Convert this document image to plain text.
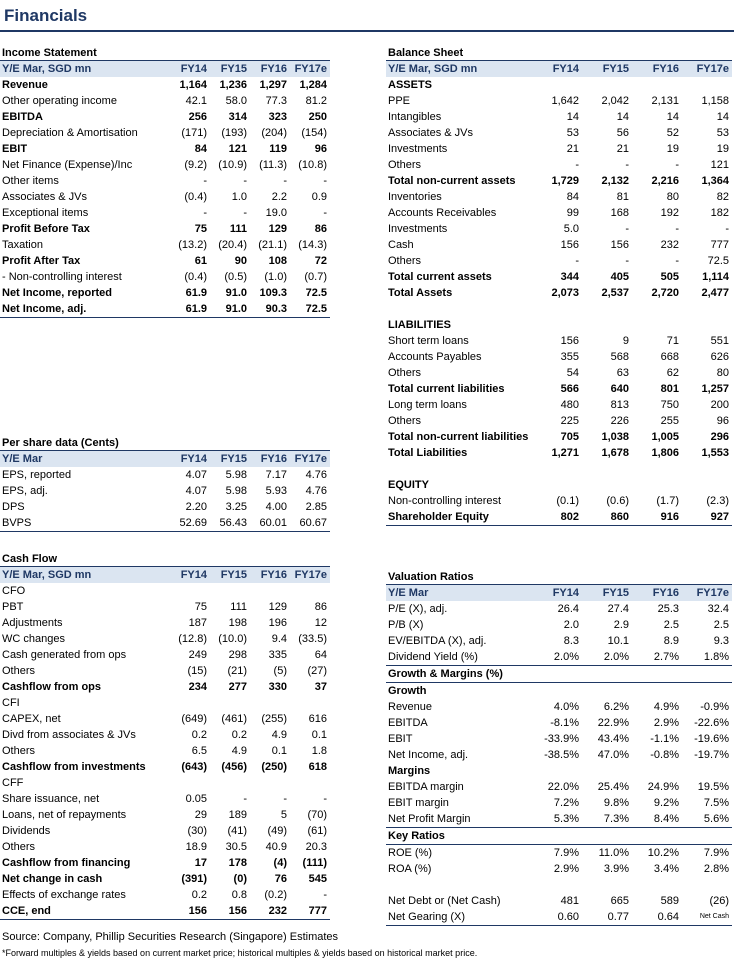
Financials
Income Statement
Y/E Mar, SGD mn	FY14	FY15	FY16	FY17e
Revenue	1,164	1,236	1,297	1,284
Other operating income	42.1	58.0	77.3	81.2
EBITDA	256	314	323	250
Depreciation & Amortisation	(171)	(193)	(204)	(154)
EBIT	84	121	119	96
Net Finance (Expense)/Inc	(9.2)	(10.9)	(11.3)	(10.8)
Other items	-	-	-	-
Associates & JVs	(0.4)	1.0	2.2	0.9
Exceptional items	-	-	19.0	-
Profit Before Tax	75	111	129	86
Taxation	(13.2)	(20.4)	(21.1)	(14.3)
Profit After Tax	61	90	108	72
- Non-controlling interest	(0.4)	(0.5)	(1.0)	(0.7)
Net Income, reported	61.9	91.0	109.3	72.5
Net Income, adj.	61.9	91.0	90.3	72.5
Per share data (Cents)
Y/E Mar	FY14	FY15	FY16	FY17e
EPS, reported	4.07	5.98	7.17	4.76
EPS, adj.	4.07	5.98	5.93	4.76
DPS	2.20	3.25	4.00	2.85
BVPS	52.69	56.43	60.01	60.67
Cash Flow
Y/E Mar, SGD mn	FY14	FY15	FY16	FY17e
CFO				
PBT	75	111	129	86
Adjustments	187	198	196	12
WC changes	(12.8)	(10.0)	9.4	(33.5)
Cash generated from ops	249	298	335	64
Others	(15)	(21)	(5)	(27)
Cashflow from ops	234	277	330	37
CFI				
CAPEX, net	(649)	(461)	(255)	616
Divd from associates & JVs	0.2	0.2	4.9	0.1
Others	6.5	4.9	0.1	1.8
Cashflow from investments	(643)	(456)	(250)	618
CFF				
Share issuance, net	0.05	-	-	-
Loans, net of repayments	29	189	5	(70)
Dividends	(30)	(41)	(49)	(61)
Others	18.9	30.5	40.9	20.3
Cashflow from financing	17	178	(4)	(111)
Net change in cash	(391)	(0)	76	545
Effects of exchange rates	0.2	0.8	(0.2)	-
CCE, end	156	156	232	777
Balance Sheet
Y/E Mar, SGD mn	FY14	FY15	FY16	FY17e
ASSETS				
PPE	1,642	2,042	2,131	1,158
Intangibles	14	14	14	14
Associates & JVs	53	56	52	53
Investments	21	21	19	19
Others	-	-	-	121
Total non-current assets	1,729	2,132	2,216	1,364
Inventories	84	81	80	82
Accounts Receivables	99	168	192	182
Investments	5.0	-	-	-
Cash	156	156	232	777
Others	-	-	-	72.5
Total current assets	344	405	505	1,114
Total Assets	2,073	2,537	2,720	2,477

LIABILITIES				
Short term loans	156	9	71	551
Accounts Payables	355	568	668	626
Others	54	63	62	80
Total current liabilities	566	640	801	1,257
Long term loans	480	813	750	200
Others	225	226	255	96
Total non-current liabilities	705	1,038	1,005	296
Total Liabilities	1,271	1,678	1,806	1,553

EQUITY				
Non-controlling interest	(0.1)	(0.6)	(1.7)	(2.3)
Shareholder Equity	802	860	916	927
Valuation Ratios
Y/E Mar	FY14	FY15	FY16	FY17e
P/E (X), adj.	26.4	27.4	25.3	32.4
P/B (X)	2.0	2.9	2.5	2.5
EV/EBITDA (X), adj.	8.3	10.1	8.9	9.3
Dividend Yield (%)	2.0%	2.0%	2.7%	1.8%
Growth & Margins (%)				
Growth				
Revenue	4.0%	6.2%	4.9%	-0.9%
EBITDA	-8.1%	22.9%	2.9%	-22.6%
EBIT	-33.9%	43.4%	-1.1%	-19.6%
Net Income, adj.	-38.5%	47.0%	-0.8%	-19.7%
Margins				
EBITDA margin	22.0%	25.4%	24.9%	19.5%
EBIT margin	7.2%	9.8%	9.2%	7.5%
Net Profit Margin	5.3%	7.3%	8.4%	5.6%
Key Ratios				
ROE (%)	7.9%	11.0%	10.2%	7.9%
ROA (%)	2.9%	3.9%	3.4%	2.8%

Net Debt or (Net Cash)	481	665	589	(26)
Net Gearing (X)	0.60	0.77	0.64	Net Cash
Source: Company, Phillip Securities Research (Singapore) Estimates
*Forward multiples & yields based on current market price; historical multiples & yields based on historical market price.
